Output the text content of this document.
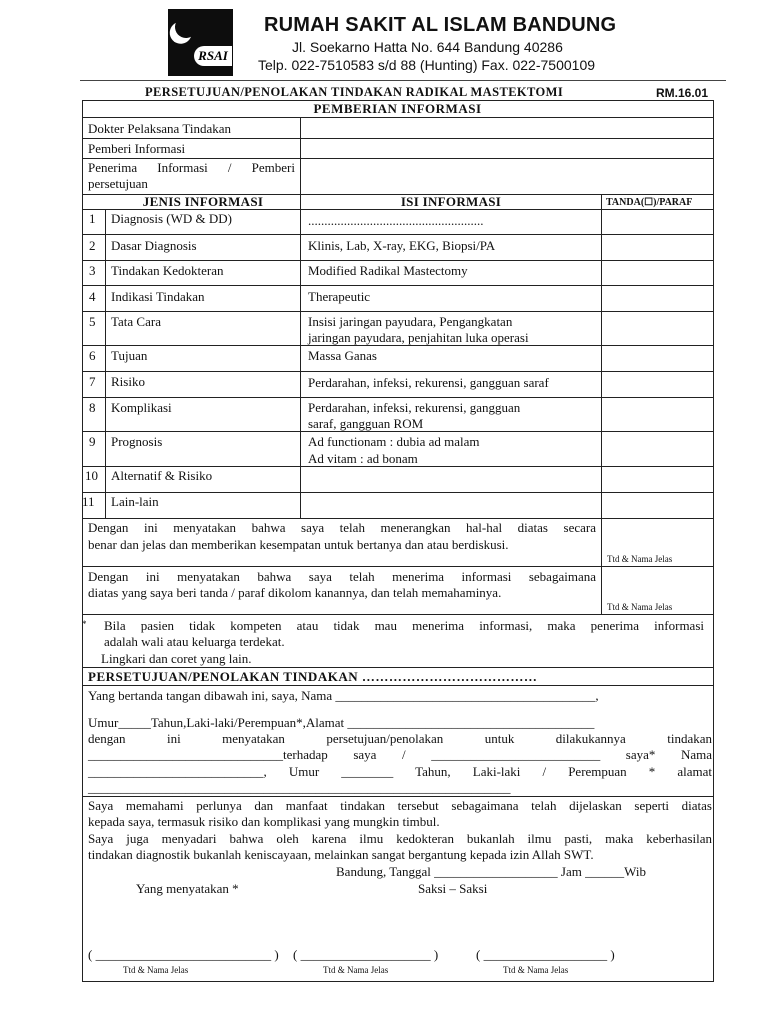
RSAI
RUMAH SAKIT AL ISLAM BANDUNG
Jl. Soekarno Hatta No. 644 Bandung 40286
Telp. 022-7510583 s/d 88 (Hunting) Fax. 022-7500109
PERSETUJUAN/PENOLAKAN TINDAKAN RADIKAL MASTEKTOMI	RM.16.01
PEMBERIAN INFORMASI
Dokter Pelaksana Tindakan
Pemberi Informasi
Penerima Informasi / Pemberi persetujuan
JENIS INFORMASI	ISI INFORMASI	TANDA(☐)/PARAF
1 Diagnosis (WD & DD)	......................................................
2 Dasar Diagnosis	Klinis, Lab, X-ray, EKG, Biopsi/PA
3 Tindakan Kedokteran	Modified Radikal Mastectomy
4 Indikasi Tindakan	Therapeutic
5 Tata Cara	Insisi jaringan payudara, Pengangkatan
jaringan payudara, penjahitan luka operasi
6 Tujuan	Massa Ganas
7 Risiko	Perdarahan, infeksi, rekurensi, gangguan saraf
8 Komplikasi	Perdarahan, infeksi, rekurensi, gangguan
saraf, gangguan ROM
9 Prognosis	Ad functionam : dubia ad malam
Ad vitam : ad bonam
10 Alternatif & Risiko
11 Lain-lain
Dengan ini menyatakan bahwa saya telah menerangkan hal-hal diatas secara
benar dan jelas dan memberikan kesempatan untuk bertanya dan atau berdiskusi.
Ttd & Nama Jelas
Dengan ini menyatakan bahwa saya telah menerima informasi sebagaimana
diatas yang saya beri tanda / paraf dikolom kanannya, dan telah memahaminya.
Ttd & Nama Jelas
* Bila pasien tidak kompeten atau tidak mau menerima informasi, maka penerima informasi
adalah wali atau keluarga terdekat.
Lingkari dan coret yang lain.
PERSETUJUAN/PENOLAKAN TINDAKAN …………………………………
Yang bertanda tangan dibawah ini, saya, Nama ________________________________________,
Umur_____Tahun,Laki-laki/Perempuan*,Alamat ______________________________________
dengan ini menyatakan persetujuan/penolakan untuk dilakukannya tindakan
______________________________terhadap saya / __________________________ saya* Nama
___________________________, Umur ________ Tahun, Laki-laki / Perempuan * alamat
_________________________________________________________________
Saya memahami perlunya dan manfaat tindakan tersebut sebagaimana telah dijelaskan seperti diatas
kepada saya, termasuk risiko dan komplikasi yang mungkin timbul.
Saya juga menyadari bahwa oleh karena ilmu kedokteran bukanlah ilmu pasti, maka keberhasilan
tindakan diagnostik bukanlah keniscayaan, melainkan sangat bergantung kepada izin Allah SWT.
Bandung, Tanggal ___________________ Jam ______Wib
Yang menyatakan *	Saksi – Saksi
( ___________________________ ) ( ____________________ )	( ___________________ )
Ttd & Nama Jelas	Ttd & Nama Jelas	Ttd & Nama Jelas
